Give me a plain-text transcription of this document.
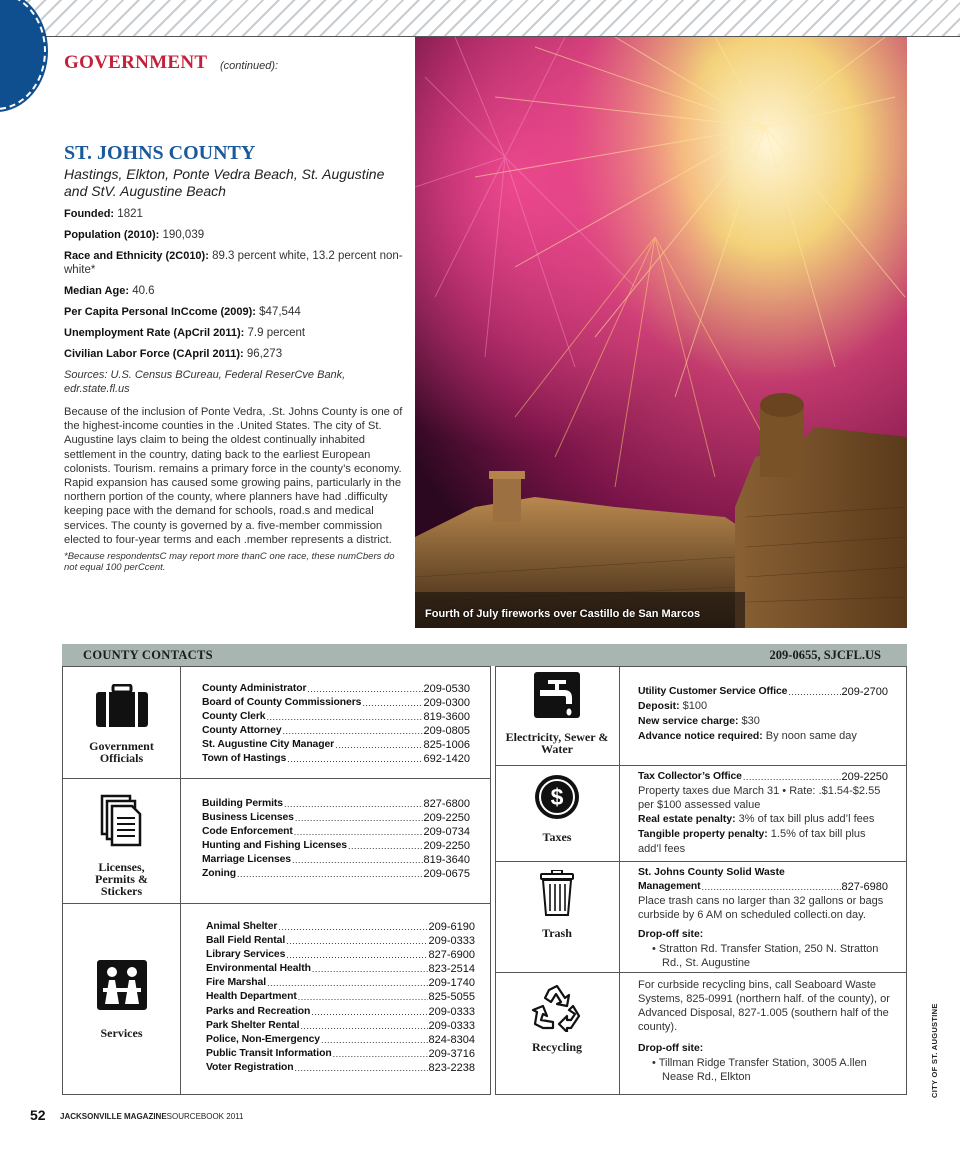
GOVERNMENT (continued):
ST. JOHNS COUNTY
Hastings, Elkton, Ponte Vedra Beach, St. Augustine and StV. Augustine Beach
Founded: 1821
Population (2010): 190,039
Race and Ethnicity (2C010): 89.3 percent white, 13.2 percent non-white*
Median Age: 40.6
Per Capita Personal InCcome (2009): $47,544
Unemployment Rate (ApCril 2011): 7.9 percent
Civilian Labor Force (CApril 2011): 96,273
Sources: U.S. Census BCureau, Federal ReserCve Bank, edr.state.fl.us
Because of the inclusion of Ponte Vedra, .St. Johns County is one of the highest-income counties in the .United States. The city of St. Augustine lays claim to being the oldest continually inhabited settlement in the country, dating back to the earliest European colonists. Tourism. remains a primary force in the county’s economy. Rapid expansion has caused some growing pains, particularly in the northern portion of the county, where planners have had .difficulty keeping pace with the demand for schools, road.s and medical services. The county is governed by a. five-member commission elected to four-year terms and each .member represents a district.
*Because respondentsC may report more thanC one race, these numCbers do not equal 100 perCcent.
Fourth of July fireworks over Castillo de San Marcos
COUNTY CONTACTS	209-0655, SJCFL.US
Government Officials
Licenses, Permits & Stickers
Services
County Administrator .....	209-0530
Board of County Commissioners .....	209-0300
County Clerk .....	819-3600
County Attorney .....	209-0805
St. Augustine City Manager .....	825-1006
Town of Hastings .....	692-1420
Building Permits .....	827-6800
Business Licenses .....	209-2250
Code Enforcement .....	209-0734
Hunting and Fishing Licenses .....	209-2250
Marriage Licenses .....	819-3640
Zoning .....	209-0675
Animal Shelter .....	209-6190
Ball Field Rental .....	209-0333
Library Services .....	827-6900
Environmental Health .....	823-2514
Fire Marshal .....	209-1740
Health Department .....	825-5055
Parks and Recreation .....	209-0333
Park Shelter Rental .....	209-0333
Police, Non-Emergency .....	824-8304
Public Transit Information .....	209-3716
Voter Registration .....	823-2238
Electricity, Sewer & Water
$
Taxes
Trash
Recycling
Utility Customer Service Office .....	209-2700
Deposit: $100
New service charge: $30
Advance notice required: By noon same day
Tax Collector’s Office .....	209-2250
Property taxes due March 31 • Rate: .$1.54-$2.55 per $100 assessed value
Real estate penalty: 3% of tax bill plus add’l fees
Tangible property penalty: 1.5% of tax bill plus add’l fees
St. Johns County Solid Waste
Management .....	827-6980
Place trash cans no larger than 32 gallons or bags curbside by 6 AM on scheduled collecti.on day.
Drop-off site:
• Stratton Rd. Transfer Station, 250 N. Stratton Rd., St. Augustine
For curbside recycling bins, call Seaboard Waste Systems, 825-0991 (northern half. of the county), or Advanced Disposal, 827-1.005 (southern half of the county).
Drop-off site:
• Tillman Ridge Transfer Station, 3005 A.llen Nease Rd., Elkton	CITY OF ST. AUGUSTINE
52 JACKSONVILLE MAGAZINESOURCEBOOK 2011
